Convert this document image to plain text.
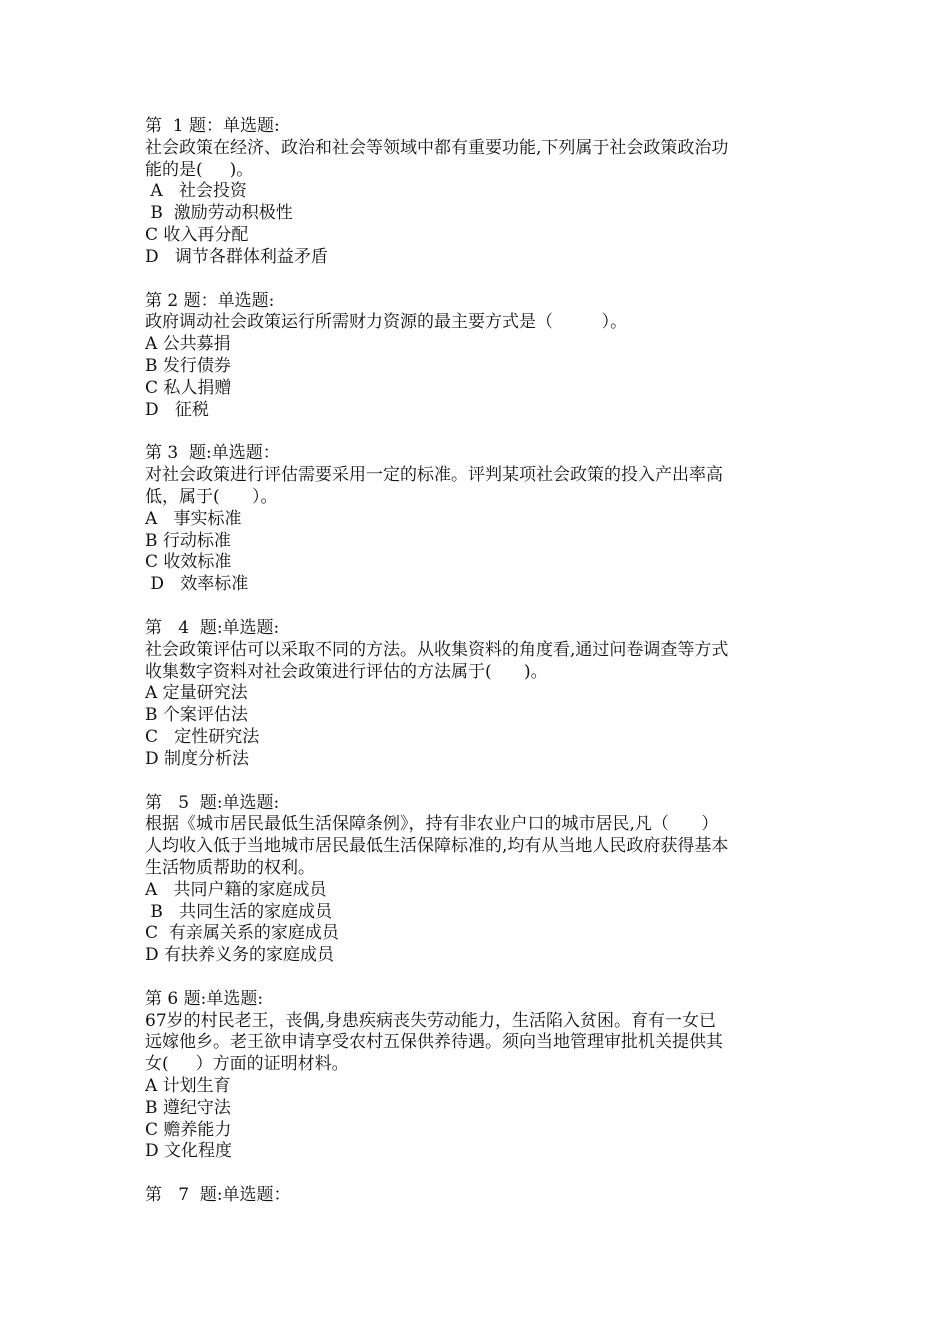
第  1 题：单选题:
社会政策在经济、政治和社会等领域中都有重要功能,下列属于社会政策政治功
能的是(     )。
A   社会投资
B  激励劳动积极性
C 收入再分配
D   调节各群体利益矛盾
第 2 题：单选题:
政府调动社会政策运行所需财力资源的最主要方式是（         ）。
A 公共募捐
B 发行债券
C 私人捐赠
D   征税
第 3  题:单选题：
对社会政策进行评估需要采用一定的标准。评判某项社会政策的投入产出率高
低，属于(      ）。
A   事实标准
B 行动标准
C 收效标准
D   效率标准
第   4  题:单选题:
社会政策评估可以采取不同的方法。从收集资料的角度看,通过问卷调查等方式
收集数字资料对社会政策进行评估的方法属于(      )。
A 定量研究法
B 个案评估法
C   定性研究法
D 制度分析法
第   5  题:单选题:
根据《城市居民最低生活保障条例》，持有非农业户口的城市居民,凡（      ）
人均收入低于当地城市居民最低生活保障标准的,均有从当地人民政府获得基本
生活物质帮助的权利。
A   共同户籍的家庭成员
B   共同生活的家庭成员
C  有亲属关系的家庭成员
D 有扶养义务的家庭成员
第 6 题:单选题:
67岁的村民老王，丧偶,身患疾病丧失劳动能力，生活陷入贫困。育有一女已
远嫁他乡。老王欲申请享受农村五保供养待遇。须向当地管理审批机关提供其
女(     ）方面的证明材料。
A 计划生育
B 遵纪守法
C 赡养能力
D 文化程度
第   7  题:单选题：
